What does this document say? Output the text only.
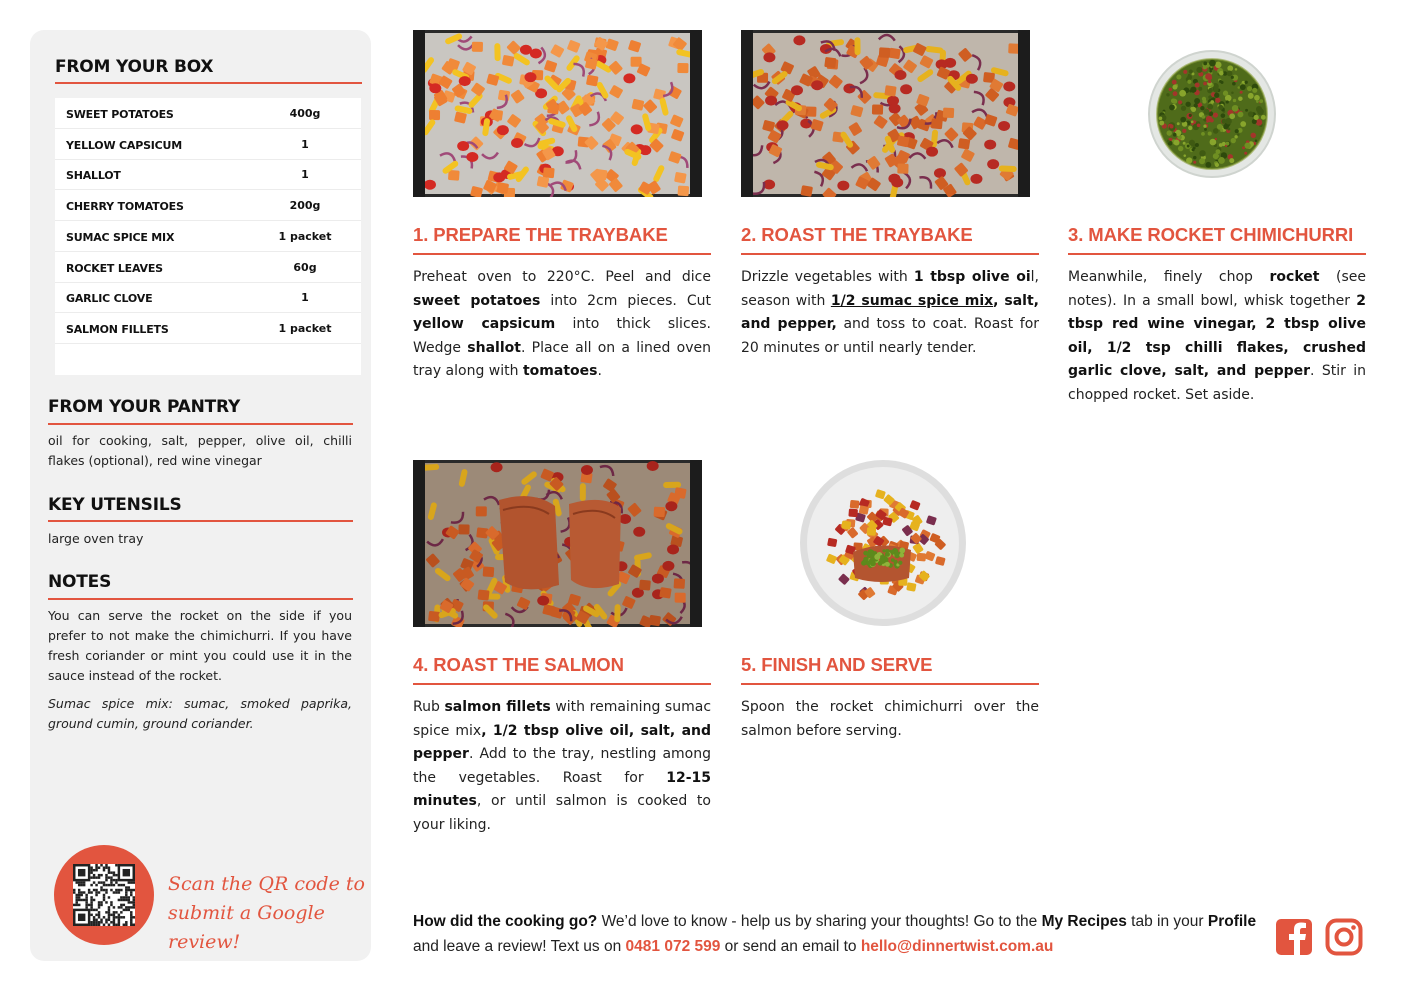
FROM YOUR BOX
SWEET POTATOES	400g
YELLOW CAPSICUM	1
SHALLOT	1
CHERRY TOMATOES	200g
SUMAC SPICE MIX	1 packet
ROCKET LEAVES	60g
GARLIC CLOVE	1
SALMON FILLETS	1 packet
FROM YOUR PANTRY
oil for cooking, salt, pepper, olive oil, chilli flakes (optional), red wine vinegar
KEY UTENSILS
large oven tray
NOTES
You can serve the rocket on the side if you prefer to not make the chimichurri. If you have fresh coriander or mint you could use it in the sauce instead of the rocket.
Sumac spice mix: sumac, smoked paprika, ground cumin, ground coriander.
Scan the QR code to
submit a Google review!
1. PREPARE THE TRAYBAKE
Preheat oven to 220°C. Peel and dice sweet potatoes into 2cm pieces. Cut yellow capsicum into thick slices. Wedge shallot. Place all on a lined oven tray along with tomatoes.
2. ROAST THE TRAYBAKE
Drizzle vegetables with 1 tbsp olive oil, season with 1/2 sumac spice mix, salt, and pepper, and toss to coat. Roast for 20 minutes or until nearly tender.
3. MAKE ROCKET CHIMICHURRI
Meanwhile, finely chop rocket (see notes). In a small bowl, whisk together 2 tbsp red wine vinegar, 2 tbsp olive oil, 1/2 tsp chilli flakes, crushed garlic clove, salt, and pepper. Stir in chopped rocket. Set aside.
4. ROAST THE SALMON
Rub salmon fillets with remaining sumac spice mix, 1/2 tbsp olive oil, salt, and pepper. Add to the tray, nestling among the vegetables. Roast for 12-15 minutes, or until salmon is cooked to your liking.
5. FINISH AND SERVE
Spoon the rocket chimichurri over the salmon before serving.
How did the cooking go? We’d love to know - help us by sharing your thoughts! Go to the My Recipes tab in your Profile and leave a review! Text us on 0481 072 599 or send an email to hello@dinnertwist.com.au
